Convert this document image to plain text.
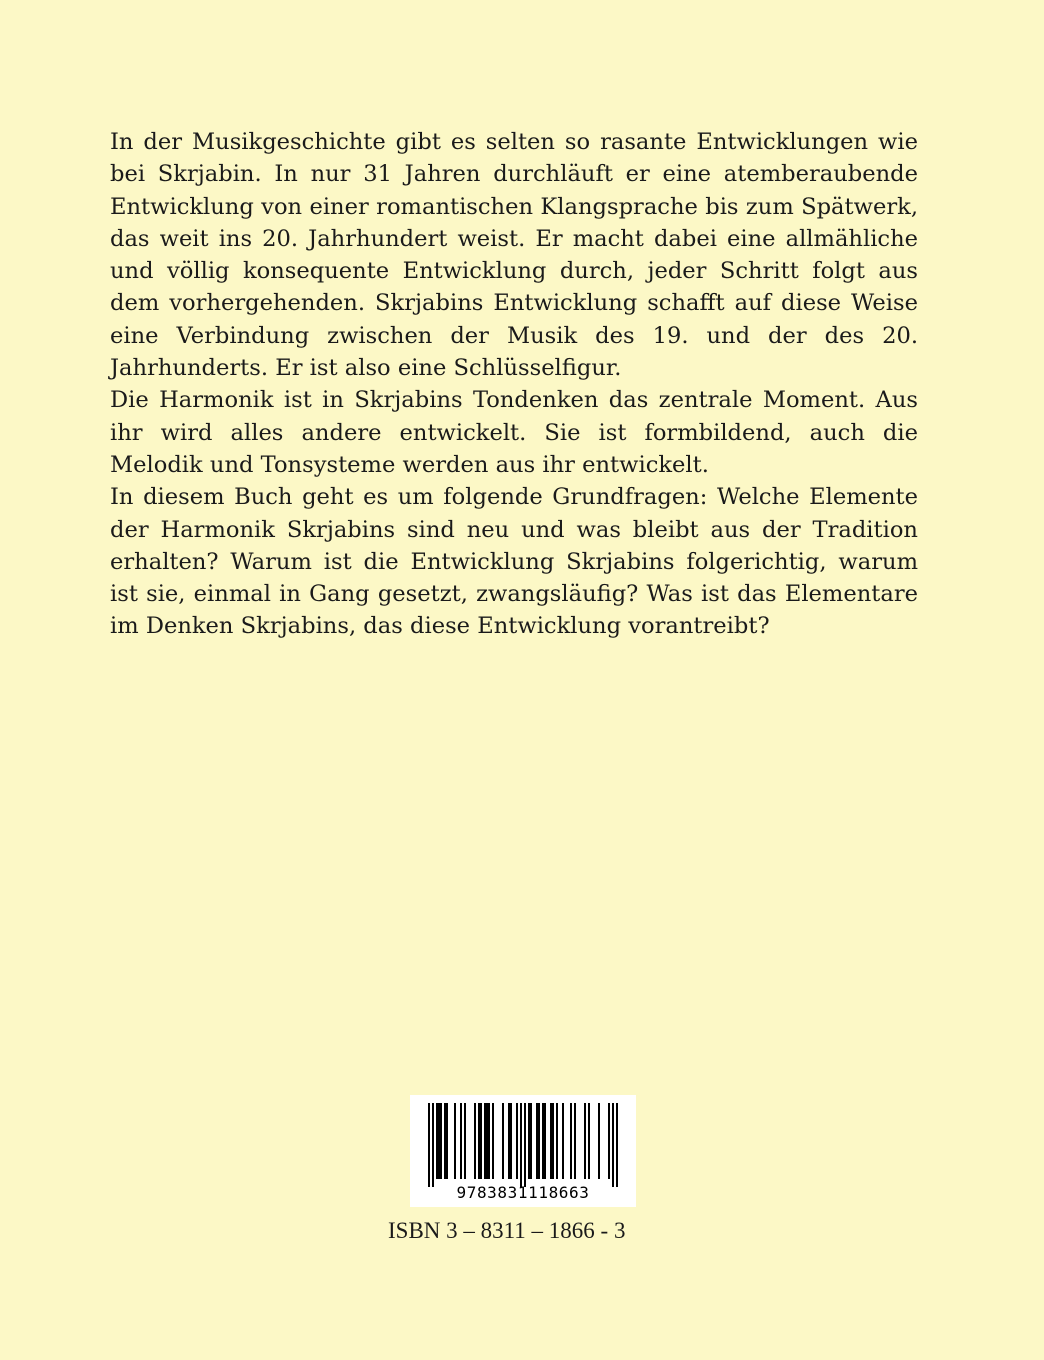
In der Musikgeschichte gibt es selten so rasante Entwicklungen wie bei Skrjabin. In nur 31 Jahren durchläuft er eine atemberaubende Entwicklung von einer romantischen Klangsprache bis zum Spätwerk, das weit ins 20. Jahrhundert weist. Er macht dabei eine allmähliche und völlig konsequente Entwicklung durch, jeder Schritt folgt aus dem vorhergehenden. Skrjabins Entwicklung schafft auf diese Weise eine Verbindung zwischen der Musik des 19. und der des 20. Jahrhunderts. Er ist also eine Schlüsselfigur.

Die Harmonik ist in Skrjabins Tondenken das zentrale Moment. Aus ihr wird alles andere entwickelt. Sie ist formbildend, auch die Melodik und Tonsysteme werden aus ihr entwickelt.

In diesem Buch geht es um folgende Grundfragen: Welche Elemente der Harmonik Skrjabins sind neu und was bleibt aus der Tradition erhalten? Warum ist die Entwicklung Skrjabins folgerichtig, warum ist sie, einmal in Gang gesetzt, zwangsläufig? Was ist das Elementare im Denken Skrjabins, das diese Entwicklung vorantreibt?

9783831118663
ISBN 3 – 8311 – 1866 - 3
